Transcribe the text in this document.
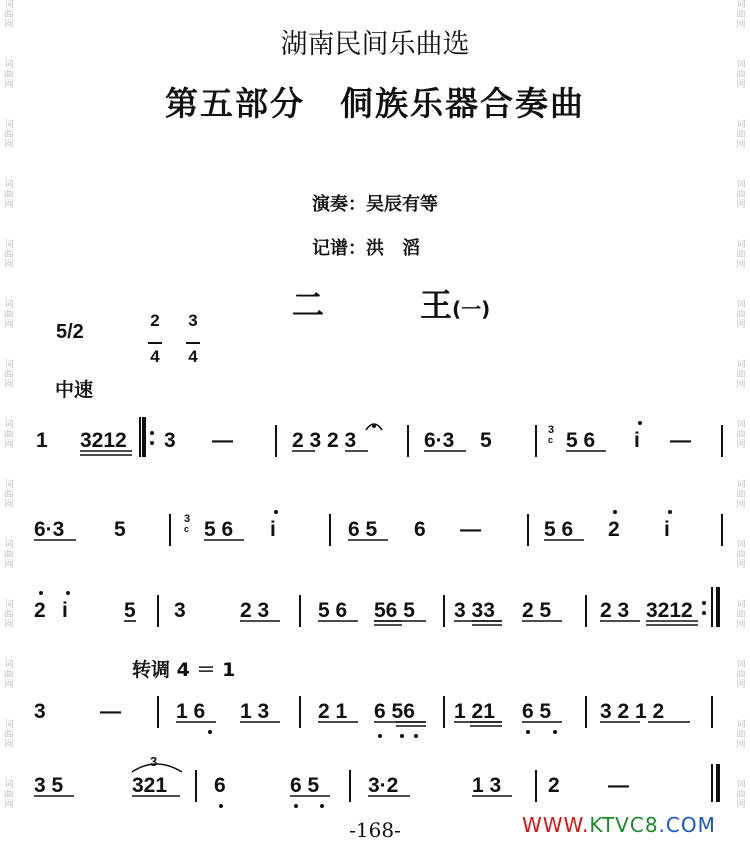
词
曲
网
词
曲
网
词
曲
网
词
曲
网
词
曲
网
词
曲
网
词
曲
网
词
曲
网
词
曲
网
词
曲
网
词
曲
网
词
曲
网
词
曲
网
词
曲
网
词
曲
网
词
曲
网
词
曲
网
词
曲
网
词
曲
网
词
曲
网
词
曲
网
词
曲
网
词
曲
网
词
曲
网
词
曲
网
词
曲
网
词
曲
网
词
曲
网
湖南民间乐曲选
第五部分　侗族乐器合奏曲
演奏：吴辰有等
记谱：洪　滔
二　　　王(一)
5/2
2

4
3

4
中速
转调 4 ＝ 1
1 3212 3 —	2 3 2 3	6·3 5	3
c 5 6 i —
6·3 5	3
c 5 6 i	6 5 6 —	5 6 2 i
2 i	5 3	2 3 5 6 56 5 3 33 2 5 2 3 3212
3	—	1 6 1 3 2 1 6 56 1 21 6 5 3 2 1 2
3 5	321
3
6	6 5 3·2	1 3 2 —
-168-	WWW.KTVC8.COM
